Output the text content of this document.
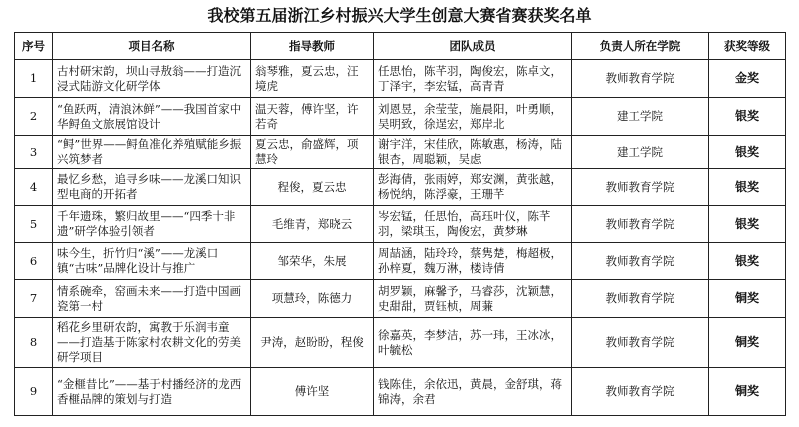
我校第五届浙江乡村振兴大学生创意大赛省赛获奖名单
序号	项目名称	指导教师	团队成员	负责人所在学院	获奖等级
1	古村研宋韵，坝山寻敖翁——打造沉浸式陆游文化研学体	翁琴雅，夏云忠，汪境虎	任思怡，陈芊羽，陶俊宏，陈卓文，丁泽宇，李宏锰，高青青	教师教育学院	金奖
2	“鱼跃两，清浪沐鲜”——我国首家中华鲟鱼文旅展馆设计	温天蓉，傅许坚，许若奇	刘恩昱，余莹莹，施晨阳，叶勇顺，吴明致，徐逞宏，郑岸北	建工学院	银奖
3	“鲟”世界——鲟鱼准化养殖赋能乡振兴筑梦者	夏云忠，俞盛辉，项慧玲	谢宇洋，宋佳欣，陈敏惠，杨涛，陆银杏，周聪颖，吴虑	建工学院	银奖
4	最忆乡愁，追寻乡味——龙溪口知识型电商的开拓者	程俊，夏云忠	彭海倩，张雨婷，郑安渊，黄张越，杨悦纳，陈浮豪，王珊芊	教师教育学院	银奖
5	千年遗珠，繁归故里——“四季十非遗”研学体验引领者	毛维青，郑晓云	岑宏锰，任思怡，高珏叶仪，陈芊羽，梁琪玉，陶俊宏，黄梦琳	教师教育学院	银奖
6	味今生，折竹归“溪”——龙溪口镇“古味”品牌化设计与推广	邹荣华，朱展	周喆涵，陆玲玲，蔡隽楚，梅超极，孙梓夏，魏万淋，楼诗倩	教师教育学院	银奖
7	情系碗牵，窑画未来——打造中国画瓷第一村	项慧玲，陈德力	胡罗颖，麻馨予，马睿莎，沈颖慧，史甜甜，贾钰桢，周蒹	教师教育学院	铜奖
8	稻花乡里研农韵，寓教于乐润韦童——打造基于陈家村农耕文化的劳美研学项目	尹涛，赵盼盼，程俊	徐嘉英，李梦洁，苏一玮，王冰冰，叶毓松	教师教育学院	铜奖
9	“金榧昔比”——基于村播经济的龙西香榧品牌的策划与打造	傅许坚	钱陈佳，余依迅，黄晨，金舒琪，蒋锦涛，余君	教师教育学院	铜奖
